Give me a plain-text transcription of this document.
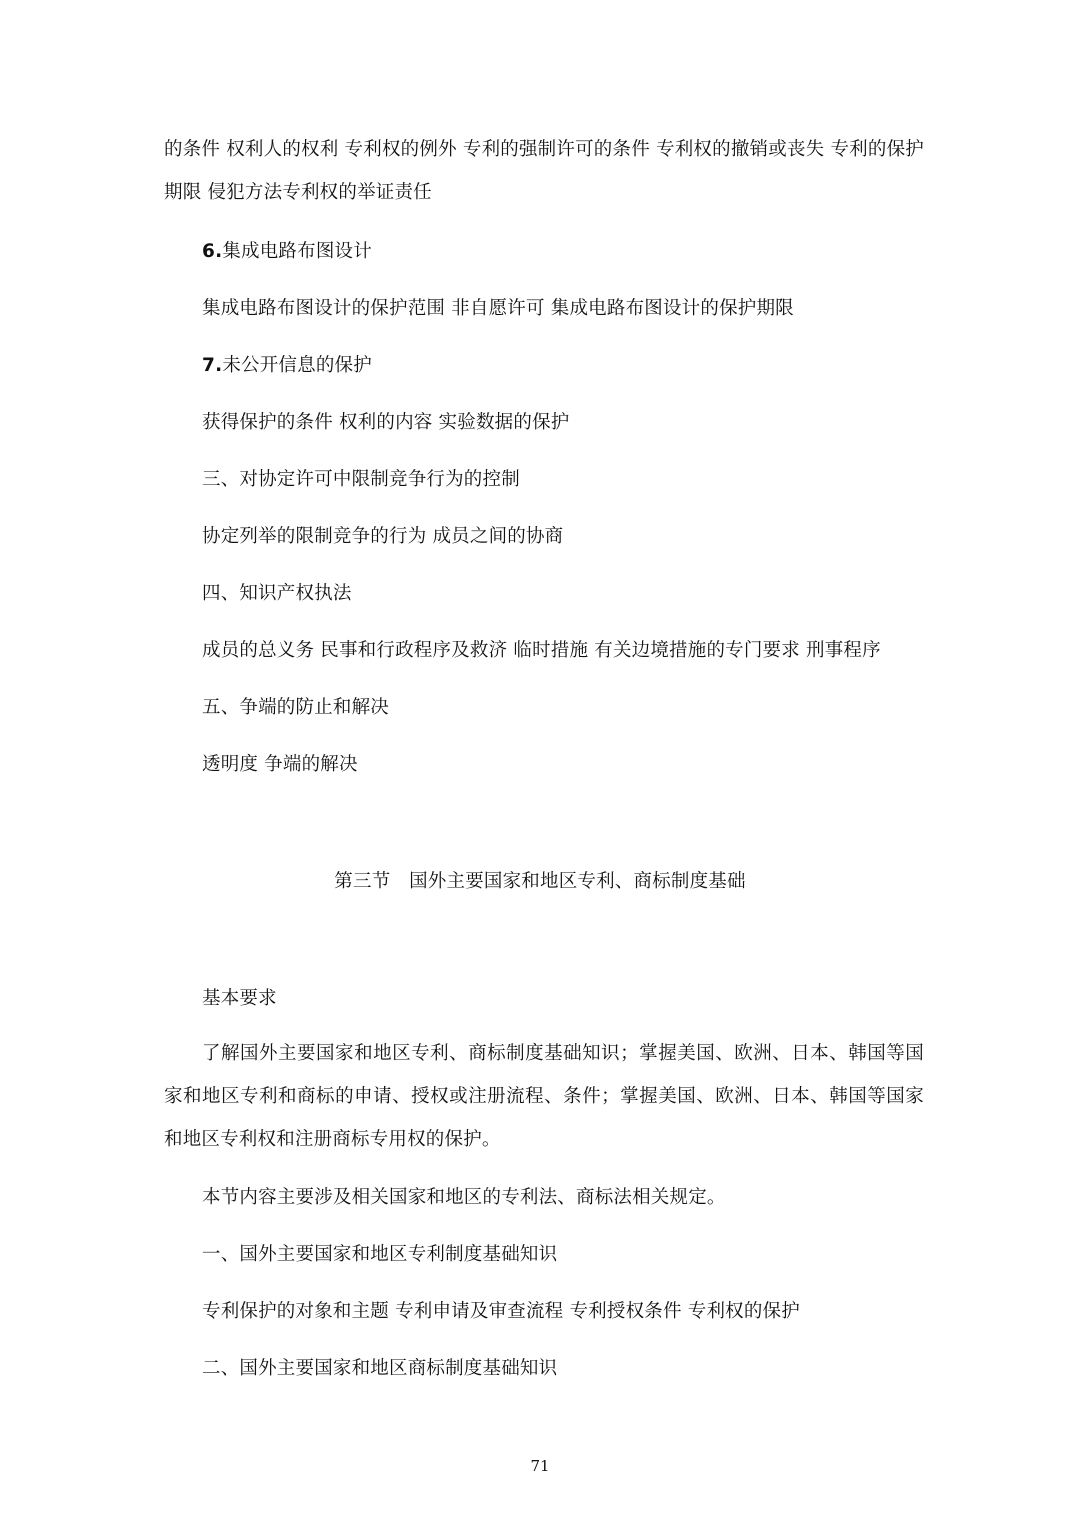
的条件 权利人的权利 专利权的例外 专利的强制许可的条件 专利权的撤销或丧失 专利的保护期限 侵犯方法专利权的举证责任

6.集成电路布图设计
集成电路布图设计的保护范围 非自愿许可 集成电路布图设计的保护期限
7.未公开信息的保护
获得保护的条件 权利的内容 实验数据的保护
三、对协定许可中限制竞争行为的控制
协定列举的限制竞争的行为 成员之间的协商
四、知识产权执法
成员的总义务 民事和行政程序及救济 临时措施 有关边境措施的专门要求 刑事程序
五、争端的防止和解决
透明度 争端的解决
第三节　国外主要国家和地区专利、商标制度基础
基本要求

了解国外主要国家和地区专利、商标制度基础知识；掌握美国、欧洲、日本、韩国等国家和地区专利和商标的申请、授权或注册流程、条件；掌握美国、欧洲、日本、韩国等国家和地区专利权和注册商标专用权的保护。

本节内容主要涉及相关国家和地区的专利法、商标法相关规定。
一、国外主要国家和地区专利制度基础知识
专利保护的对象和主题 专利申请及审查流程 专利授权条件 专利权的保护
二、国外主要国家和地区商标制度基础知识
71
